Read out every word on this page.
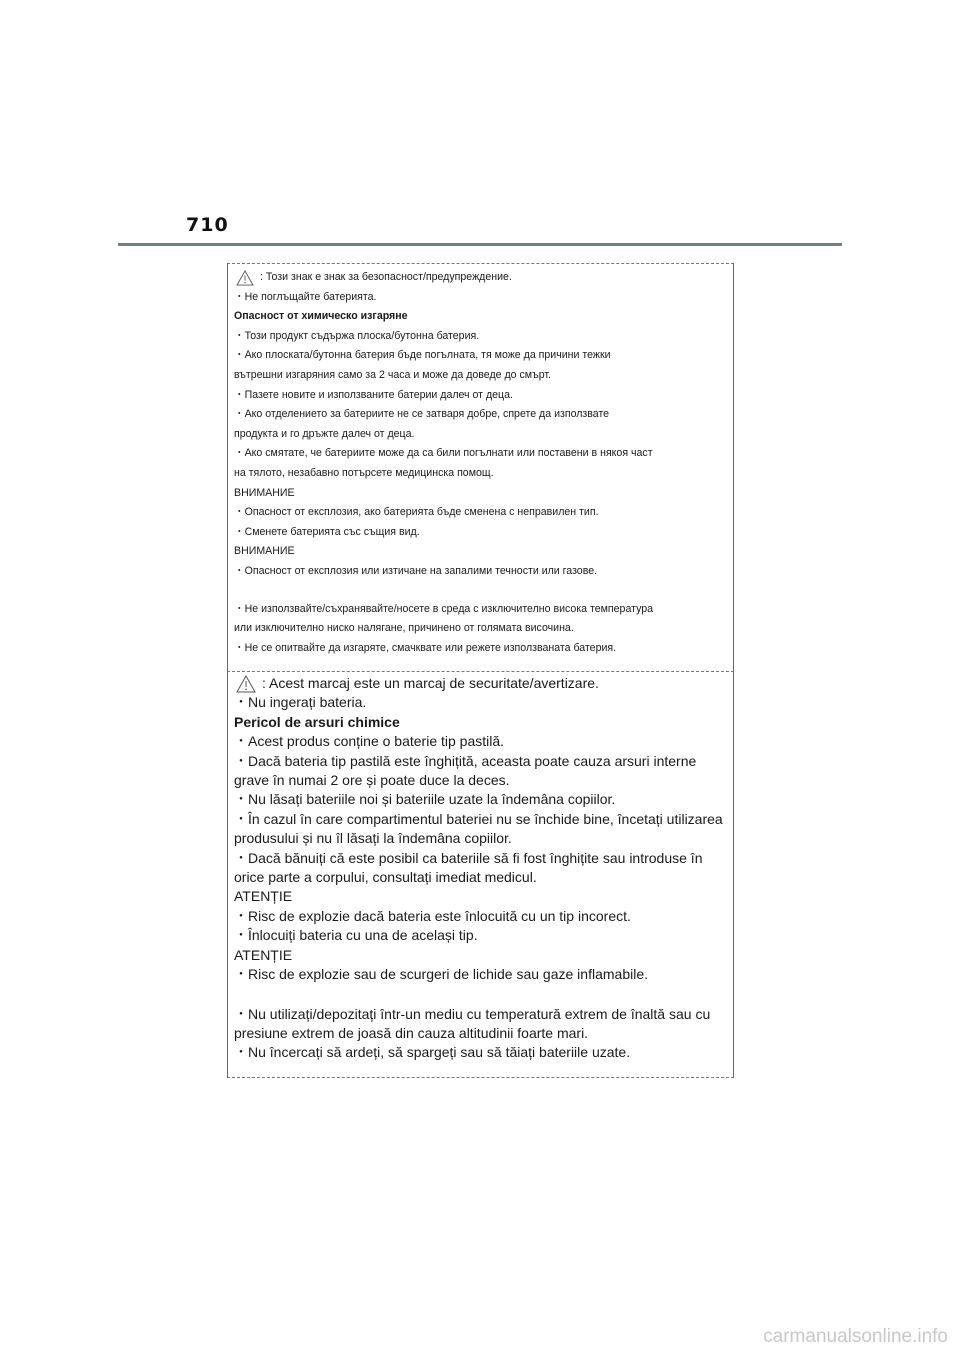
710
: Този знак е знак за безопасност/предупреждение.
・Не поглъщайте батерията.
Опасност от химическо изгаряне
・Този продукт съдържа плоска/бутонна батерия.
・Ако плоската/бутонна батерия бъде погълната, тя може да причини тежки
вътрешни изгаряния само за 2 часа и може да доведе до смърт.
・Пазете новите и използваните батерии далеч от деца.
・Ако отделението за батериите не се затваря добре, спрете да използвате
продукта и го дръжте далеч от деца.
・Ако смятате, че батериите може да са били погълнати или поставени в някоя част
на тялото, незабавно потърсете медицинска помощ.
ВНИМАНИЕ
・Опасност от експлозия, ако батерията бъде сменена с неправилен тип.
・Сменете батерията със същия вид.
ВНИМАНИЕ
・Опасност от експлозия или изтичане на запалими течности или газове.
・Не използвайте/съхранявайте/носете в среда с изключително висока температура
или изключително ниско налягане, причинено от голямата височина.
・Не се опитвайте да изгаряте, смачквате или режете използваната батерия.
: Acest marcaj este un marcaj de securitate/avertizare.
・Nu ingerați bateria.
Pericol de arsuri chimice
・Acest produs conține o baterie tip pastilă.
・Dacă bateria tip pastilă este înghițită, aceasta poate cauza arsuri interne
grave în numai 2 ore și poate duce la deces.
・Nu lăsați bateriile noi și bateriile uzate la îndemâna copiilor.
・În cazul în care compartimentul bateriei nu se închide bine, încetați utilizarea
produsului și nu îl lăsați la îndemâna copiilor.
・Dacă bănuiți că este posibil ca bateriile să fi fost înghițite sau introduse în
orice parte a corpului, consultați imediat medicul.
ATENȚIE
・Risc de explozie dacă bateria este înlocuită cu un tip incorect.
・Înlocuiți bateria cu una de același tip.
ATENȚIE
・Risc de explozie sau de scurgeri de lichide sau gaze inflamabile.
・Nu utilizați/depozitați într-un mediu cu temperatură extrem de înaltă sau cu
presiune extrem de joasă din cauza altitudinii foarte mari.
・Nu încercați să ardeți, să spargeți sau să tăiați bateriile uzate.
carmanualsonline.info
